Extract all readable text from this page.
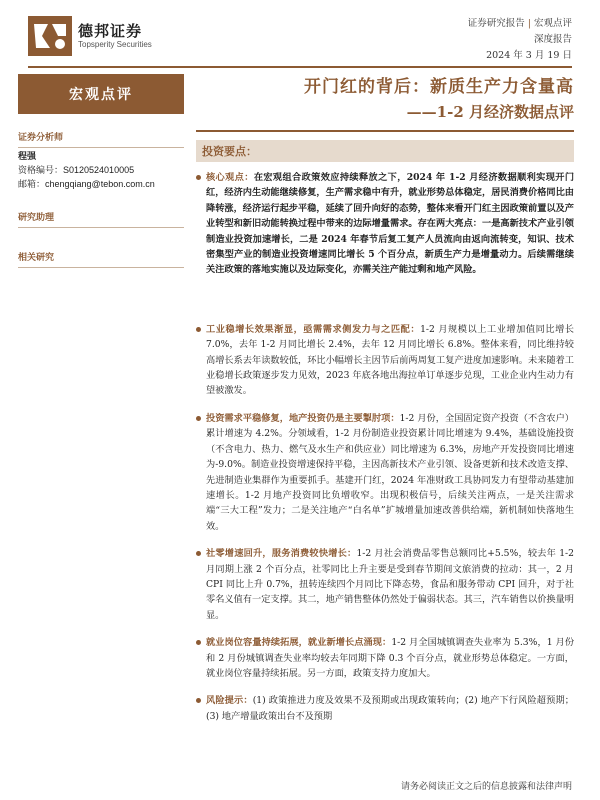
德邦证券
Topsperity Securities
证券研究报告 | 宏观点评
深度报告
2024 年 3 月 19 日
宏观点评
证券分析师
程强
资格编号：S0120524010005
邮箱：chengqiang@tebon.com.cn
研究助理
相关研究
开门红的背后：新质生产力含量高
——1-2 月经济数据点评
投资要点：
核心观点：在宏观组合政策效应持续释放之下，2024 年 1-2 月经济数据顺利实现开门红，经济内生动能继续修复，生产需求稳中有升，就业形势总体稳定，居民消费价格同比由降转涨，经济运行起步平稳，延续了回升向好的态势，整体来看开门红主因政策前置以及产业转型和新旧动能转换过程中带来的边际增量需求。存在两大亮点：一是高新技术产业引领制造业投资加速增长，二是 2024 年春节后复工复产人员流向由返向流转变，知识、技术密集型产业的制造业投资增速同比增长 5 个百分点，新质生产力是增量动力。后续需继续关注政策的落地实施以及边际变化，亦需关注产能过剩和地产风险。
工业稳增长效果渐显，亟需需求侧发力与之匹配：1-2 月规模以上工业增加值同比增长 7.0%，去年 1-2 月同比增长 2.4%，去年 12 月同比增长 6.8%。整体来看，同比维持较高增长系去年读数较低，环比小幅增长主因节后前两周复工复产进度加速影响。未来随着工业稳增长政策逐步发力见效，2023 年底各地出海拉单订单逐步兑现，工业企业内生动力有望被激发。
投资需求平稳修复，地产投资仍是主要掣肘项：1-2 月份，全国固定资产投资（不含农户）累计增速为 4.2%。分领域看，1-2 月份制造业投资累计同比增速为 9.4%，基础设施投资（不含电力、热力、燃气及水生产和供应业）同比增速为 6.3%，房地产开发投资同比增速为-9.0%。制造业投资增速保持平稳，主因高新技术产业引领、设备更新和技术改造支撑、先进制造业集群作为重要抓手。基建开门红，2024 年准财政工具协同发力有望带动基建加速增长。1-2 月地产投资同比负增收窄。出现积极信号，后续关注两点，一是关注需求端“三大工程”发力；二是关注地产“白名单”扩城增量加速改善供给端，新机制如快落地生效。
社零增速回升，服务消费较快增长：1-2 月社会消费品零售总额同比+5.5%，较去年 1-2 月同期上涨 2 个百分点，社零同比上升主要是受到春节期间文旅消费的拉动：其一，2 月 CPI 同比上升 0.7%，扭转连续四个月同比下降态势，食品和服务带动 CPI 回升，对于社零名义值有一定支撑。其二，地产销售整体仍然处于偏弱状态。其三，汽车销售以价换量明显。
就业岗位容量持续拓展，就业新增长点涌现：1-2 月全国城镇调查失业率为 5.3%，1 月份和 2 月份城镇调查失业率均较去年同期下降 0.3 个百分点，就业形势总体稳定。一方面，就业岗位容量持续拓展。另一方面，政策支持力度加大。
风险提示：(1) 政策推进力度及效果不及预期或出现政策转向；(2) 地产下行风险超预期；(3) 地产增量政策出台不及预期
请务必阅读正文之后的信息披露和法律声明
